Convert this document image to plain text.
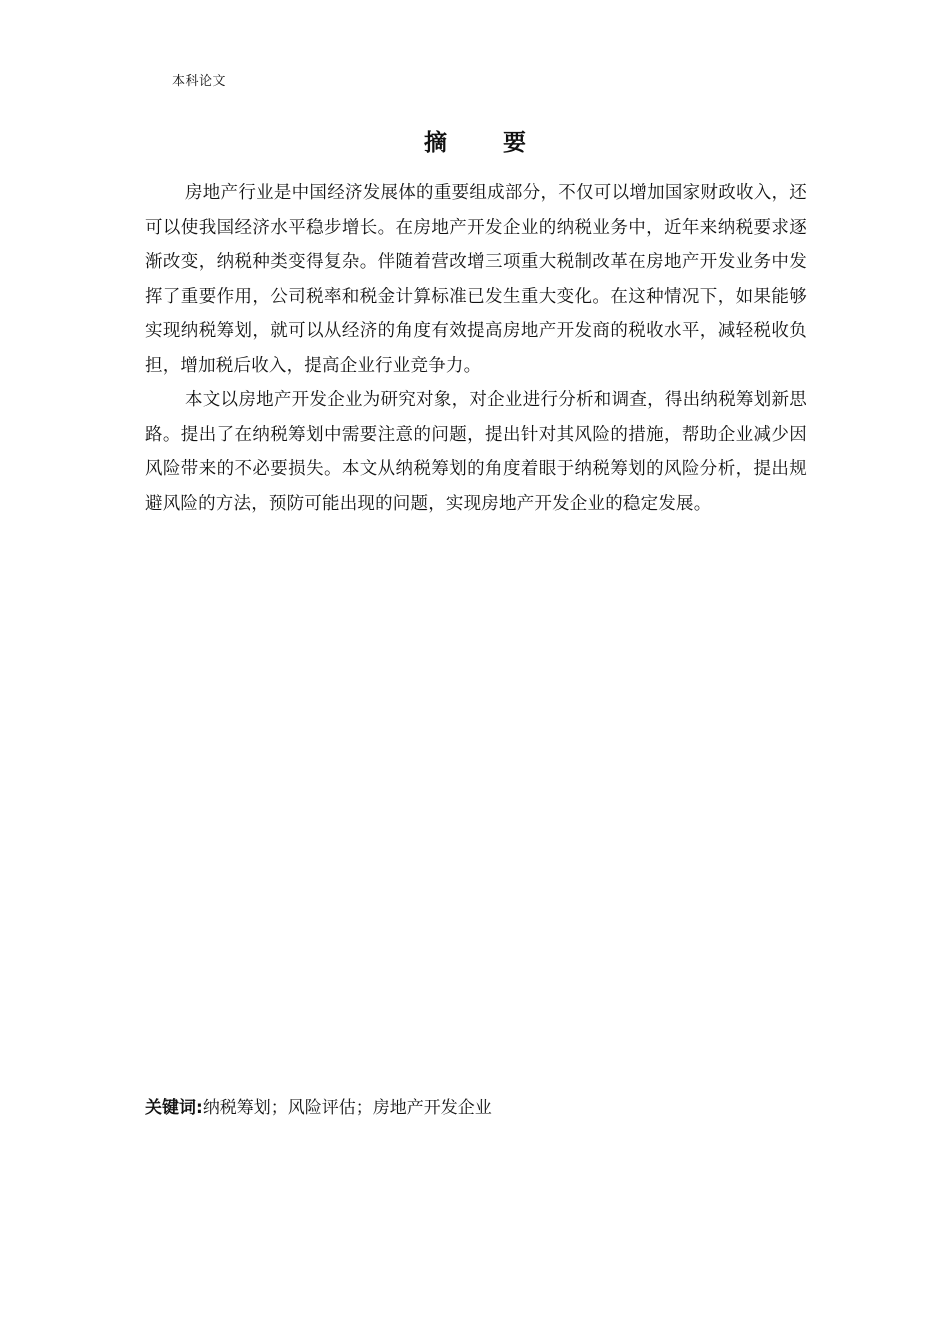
本科论文
摘 要

房地产行业是中国经济发展体的重要组成部分，不仅可以增加国家财政收入，还可以使我国经济水平稳步增长。在房地产开发企业的纳税业务中，近年来纳税要求逐渐改变，纳税种类变得复杂。伴随着营改增三项重大税制改革在房地产开发业务中发挥了重要作用，公司税率和税金计算标准已发生重大变化。在这种情况下，如果能够实现纳税筹划，就可以从经济的角度有效提高房地产开发商的税收水平，减轻税收负担，增加税后收入，提高企业行业竞争力。

本文以房地产开发企业为研究对象，对企业进行分析和调查，得出纳税筹划新思路。提出了在纳税筹划中需要注意的问题，提出针对其风险的措施，帮助企业减少因风险带来的不必要损失。本文从纳税筹划的角度着眼于纳税筹划的风险分析，提出规避风险的方法，预防可能出现的问题，实现房地产开发企业的稳定发展。

关键词:纳税筹划；风险评估；房地产开发企业
